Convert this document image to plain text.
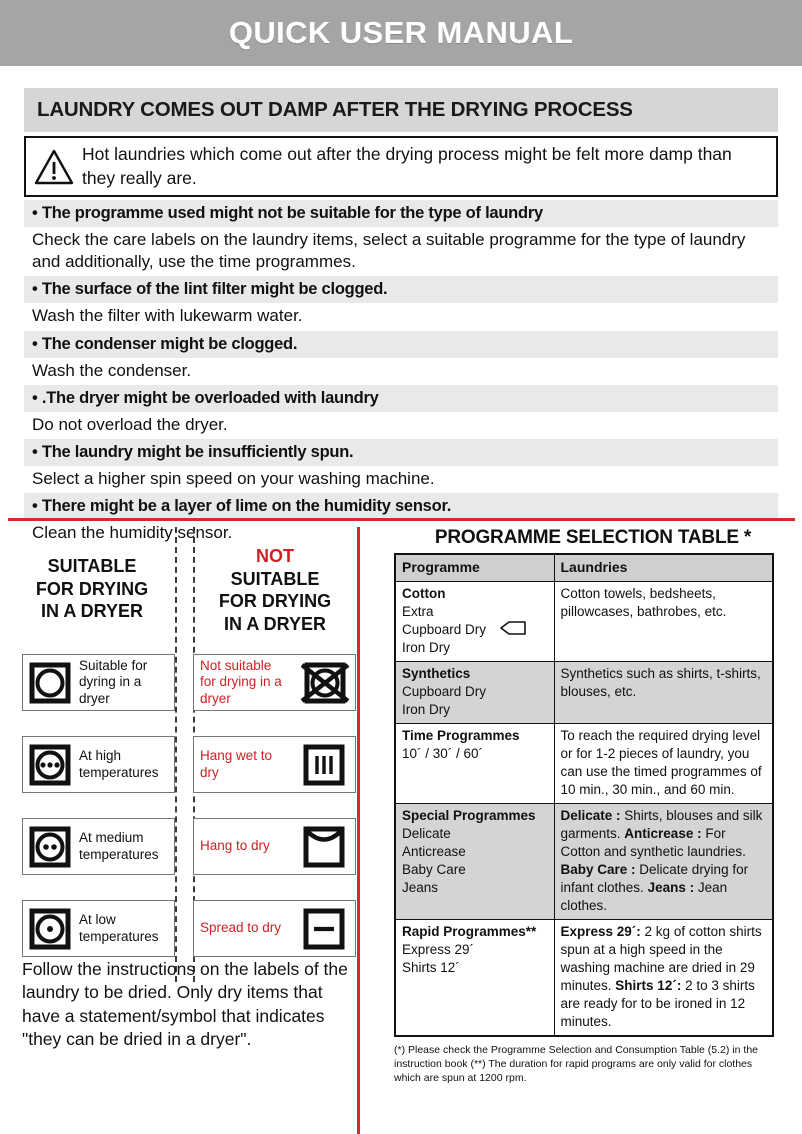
QUICK USER MANUAL
LAUNDRY COMES OUT DAMP AFTER THE DRYING PROCESS
Hot laundries which come out after the drying process might be felt more damp than they really are.
• The programme used might not be suitable for the type of laundry
Check the care labels on the laundry items, select a suitable programme for the type of laundry and additionally, use the time programmes.
• The surface of the lint filter might be clogged.
Wash the filter with lukewarm water.
• The condenser might be clogged.
Wash the condenser.
• .The dryer might be overloaded with laundry
Do not overload the dryer.
• The laundry might be insufficiently spun.
Select a higher spin speed on your washing machine.
• There might be a layer of lime on the humidity sensor.
Clean the humidity sensor.
SUITABLE
FOR DRYING
IN A DRYER
NOT
SUITABLE
FOR DRYING
IN A DRYER
Suitable for dyring in a dryer
At high temperatures
At medium temperatures
At low temperatures
Not suitable for drying in a dryer
Hang wet to dry
Hang to dry
Spread to dry
Follow the instructions on the labels of the laundry to be dried. Only dry items that have a statement/symbol that indicates "they can be dried in a dryer".
PROGRAMME SELECTION TABLE *
Programme	Laundries

Cotton
Extra
Cupboard Dry
Iron Dry	Cotton towels, bedsheets, pillowcases, bathrobes, etc.

Synthetics
Cupboard Dry
Iron Dry	Synthetics such as shirts, t-shirts, blouses, etc.

Time Programmes
10´ / 30´ / 60´	To reach the required drying level or for 1-2 pieces of laundry, you can use the timed programmes of 10 min., 30 min., and 60 min.

Special Programmes
Delicate
Anticrease
Baby Care
Jeans	Delicate : Shirts, blouses and silk garments. Anticrease : For Cotton and synthetic laundries. Baby Care : Delicate drying for infant clothes. Jeans : Jean clothes.

Rapid Programmes**
Express 29´
Shirts 12´	Express 29´: 2 kg of cotton shirts spun at a high speed in the washing machine are dried in 29 minutes. Shirts 12´: 2 to 3 shirts are ready for to be ironed in 12 minutes.
(*) Please check the Programme Selection and Consumption Table (5.2) in the instruction book (**) The duration for rapid programs are only valid for clothes which are spun at 1200 rpm.
